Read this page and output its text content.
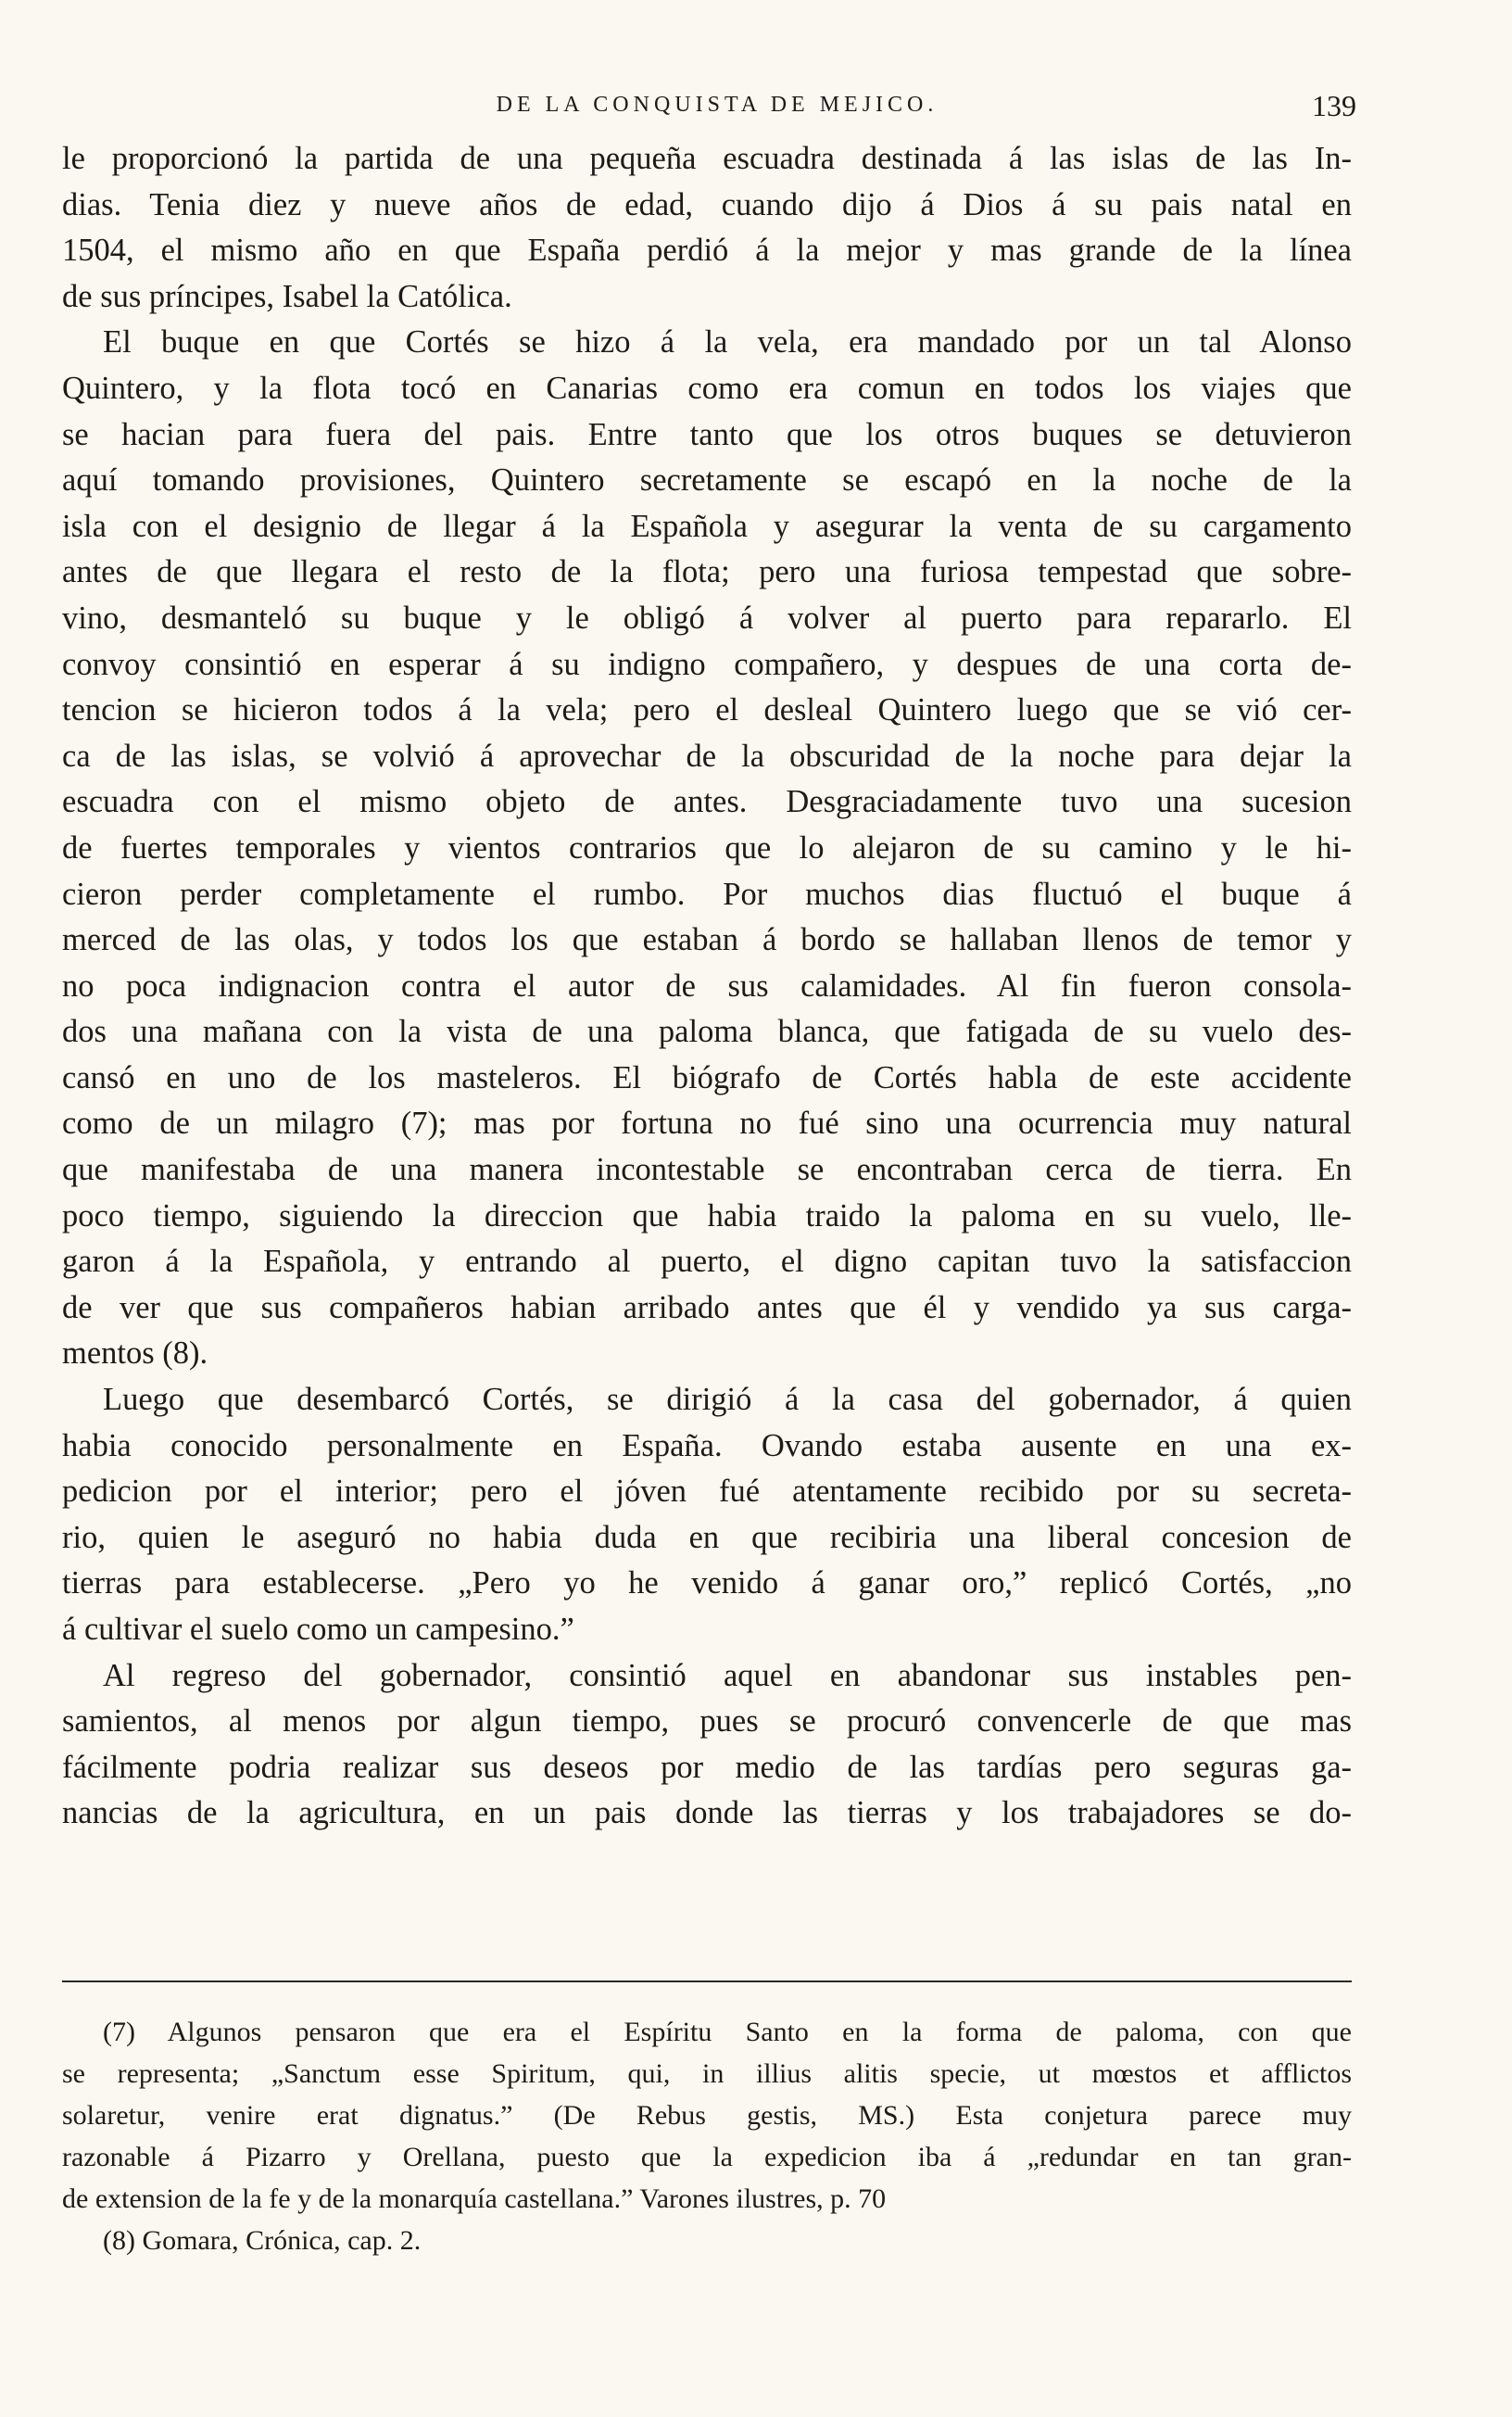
DE LA CONQUISTA DE MEJICO.	139
le proporcionó la partida de una pequeña escuadra destinada á las islas de las In-
dias. Tenia diez y nueve años de edad, cuando dijo á Dios á su pais natal en
1504, el mismo año en que España perdió á la mejor y mas grande de la línea
de sus príncipes, Isabel la Católica.
El buque en que Cortés se hizo á la vela, era mandado por un tal Alonso
Quintero, y la flota tocó en Canarias como era comun en todos los viajes que
se hacian para fuera del pais. Entre tanto que los otros buques se detuvieron
aquí tomando provisiones, Quintero secretamente se escapó en la noche de la
isla con el designio de llegar á la Española y asegurar la venta de su cargamento
antes de que llegara el resto de la flota; pero una furiosa tempestad que sobre-
vino, desmanteló su buque y le obligó á volver al puerto para repararlo. El
convoy consintió en esperar á su indigno compañero, y despues de una corta de-
tencion se hicieron todos á la vela; pero el desleal Quintero luego que se vió cer-
ca de las islas, se volvió á aprovechar de la obscuridad de la noche para dejar la
escuadra con el mismo objeto de antes. Desgraciadamente tuvo una sucesion
de fuertes temporales y vientos contrarios que lo alejaron de su camino y le hi-
cieron perder completamente el rumbo. Por muchos dias fluctuó el buque á
merced de las olas, y todos los que estaban á bordo se hallaban llenos de temor y
no poca indignacion contra el autor de sus calamidades. Al fin fueron consola-
dos una mañana con la vista de una paloma blanca, que fatigada de su vuelo des-
cansó en uno de los masteleros. El biógrafo de Cortés habla de este accidente
como de un milagro (7); mas por fortuna no fué sino una ocurrencia muy natural
que manifestaba de una manera incontestable se encontraban cerca de tierra. En
poco tiempo, siguiendo la direccion que habia traido la paloma en su vuelo, lle-
garon á la Española, y entrando al puerto, el digno capitan tuvo la satisfaccion
de ver que sus compañeros habian arribado antes que él y vendido ya sus carga-
mentos (8).
Luego que desembarcó Cortés, se dirigió á la casa del gobernador, á quien
habia conocido personalmente en España. Ovando estaba ausente en una ex-
pedicion por el interior; pero el jóven fué atentamente recibido por su secreta-
rio, quien le aseguró no habia duda en que recibiria una liberal concesion de
tierras para establecerse. „Pero yo he venido á ganar oro,” replicó Cortés, „no
á cultivar el suelo como un campesino.”
Al regreso del gobernador, consintió aquel en abandonar sus instables pen-
samientos, al menos por algun tiempo, pues se procuró convencerle de que mas
fácilmente podria realizar sus deseos por medio de las tardías pero seguras ga-
nancias de la agricultura, en un pais donde las tierras y los trabajadores se do-
(7) Algunos pensaron que era el Espíritu Santo en la forma de paloma, con que
se representa; „Sanctum esse Spiritum, qui, in illius alitis specie, ut mœstos et afflictos
solaretur, venire erat dignatus.” (De Rebus gestis, MS.) Esta conjetura parece muy
razonable á Pizarro y Orellana, puesto que la expedicion iba á „redundar en tan gran-
de extension de la fe y de la monarquía castellana.” Varones ilustres, p. 70
(8) Gomara, Crónica, cap. 2.
